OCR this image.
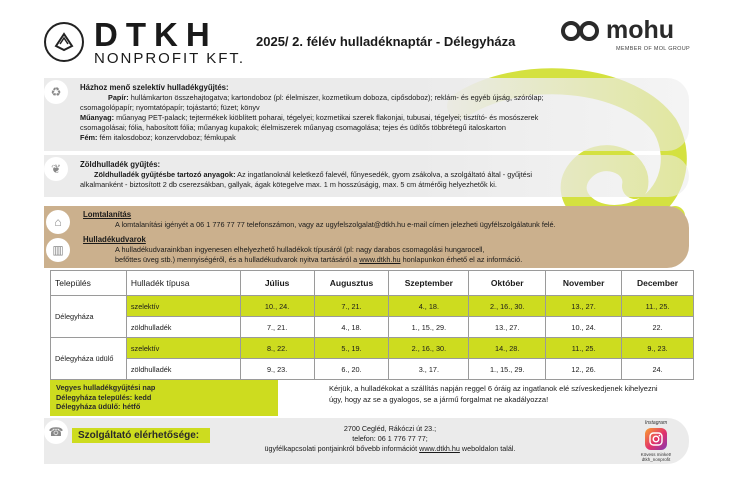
DTKH
NONPROFIT KFT.
2025/ 2. félév hulladéknaptár - Délegyháza	mohu
MEMBER OF MOL GROUP
♻	Házhoz menő szelektív hulladékgyűjtés:
Papír: hullámkarton összehajtogatva; kartondoboz (pl: élelmiszer, kozmetikum doboza, cipősdoboz); reklám- és egyéb újság, szórólap;
csomagolópapír; nyomtatópapír; tojástartó; füzet; könyv
Műanyag: műanyag PET-palack; tejtermékek kiöblített poharai, tégelyei; kozmetikai szerek flakonjai, tubusai, tégelyei; tisztító- és mosószerek
csomagolásai; fólia, habosított fólia; műanyag kupakok; élelmiszerek műanyag csomagolása; tejes és üdítős többrétegű italoskarton
Fém: fém italosdoboz; konzervdoboz; fémkupak
❦	Zöldhulladék gyűjtés:
Zöldhulladék gyűjtésbe tartozó anyagok: Az ingatlanoknál keletkező falevél, fűnyesedék, gyom zsákolva, a szolgáltató által - gyűjtési
alkalmanként - biztosított 2 db cserezsákban, gallyak, ágak kötegelve max. 1 m hosszúságig, max. 5 cm átmérőig helyezhetők ki.
⌂
▥
Lomtalanítás
A lomtalanítási igényét a 06 1 776 77 77 telefonszámon, vagy az ugyfelszolgalat@dtkh.hu e-mail címen jelezheti ügyfélszolgálatunk felé.
Hulladékudvarok
A hulladékudvarainkban ingyenesen elhelyezhető hulladékok típusáról (pl: nagy darabos csomagolási hungarocell,
befőttes üveg stb.) mennyiségéről, és a hulladékudvarok nyitva tartásáról a www.dtkh.hu honlapunkon érhető el az információ.
Település	Hulladék típusa	Július	Augusztus	Szeptember	Október	November	December
Délegyháza	szelektív	10., 24.	7., 21.	4., 18.	2., 16., 30.	13., 27.	11., 25.
	zöldhulladék	7., 21.	4., 18.	1., 15., 29.	13., 27.	10., 24.	22.
Délegyháza üdülő	szelektív	8., 22.	5., 19.	2., 16., 30.	14., 28.	11., 25.	9., 23.
	zöldhulladék	9., 23.	6., 20.	3., 17.	1., 15., 29.	12., 26.	24.
Vegyes hulladékgyűjtési nap
Délegyháza település: kedd
Délegyháza üdülő: hétfő
Kérjük, a hulladékokat a szállítás napján reggel 6 óráig az ingatlanok elé szíveskedjenek kihelyezni úgy, hogy az se a gyalogos, se a jármű forgalmat ne akadályozza!
☎	Szolgáltató elérhetősége:
2700 Cegléd, Rákóczi út 23.;
telefon: 06 1 776 77 77;
ügyfélkapcsolati pontjainkról bővebb információt www.dtkh.hu weboldalon talál.
Instagram
Kövess minket!
dtkh_nonprofit
